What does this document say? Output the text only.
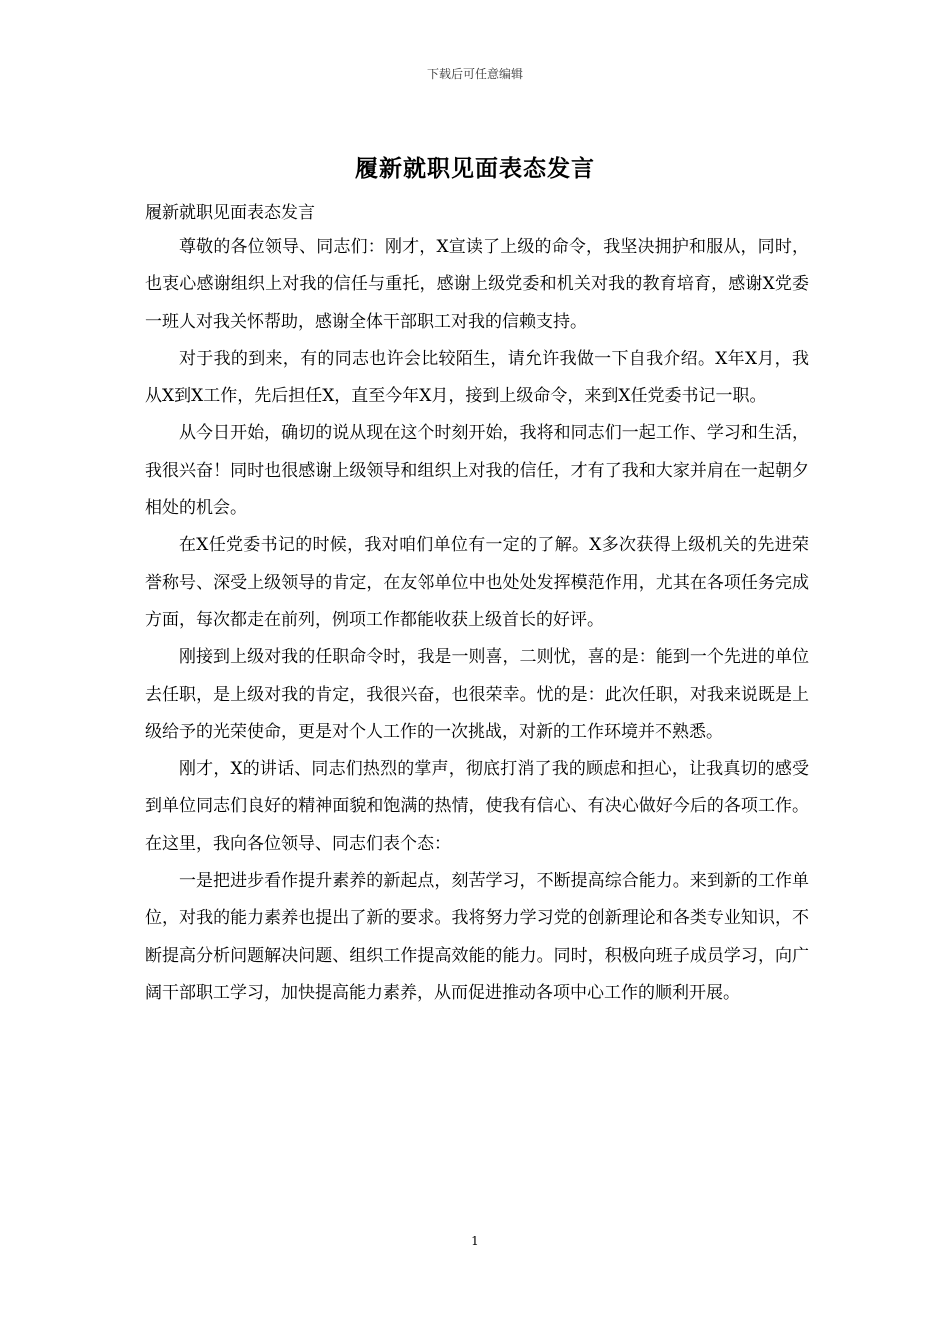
下载后可任意编辑
履新就职见面表态发言

履新就职见面表态发言

尊敬的各位领导、同志们：刚才，X宣读了上级的命令，我坚决拥护和服从，同时，也衷心感谢组织上对我的信任与重托，感谢上级党委和机关对我的教育培育，感谢X党委一班人对我关怀帮助，感谢全体干部职工对我的信赖支持。

对于我的到来，有的同志也许会比较陌生，请允许我做一下自我介绍。X年X月，我从X到X工作，先后担任X，直至今年X月，接到上级命令，来到X任党委书记一职。

从今日开始，确切的说从现在这个时刻开始，我将和同志们一起工作、学习和生活，我很兴奋！同时也很感谢上级领导和组织上对我的信任，才有了我和大家并肩在一起朝夕相处的机会。

在X任党委书记的时候，我对咱们单位有一定的了解。X多次获得上级机关的先进荣誉称号、深受上级领导的肯定，在友邻单位中也处处发挥模范作用，尤其在各项任务完成方面，每次都走在前列，例项工作都能收获上级首长的好评。

刚接到上级对我的任职命令时，我是一则喜，二则忧，喜的是：能到一个先进的单位去任职，是上级对我的肯定，我很兴奋，也很荣幸。忧的是：此次任职，对我来说既是上级给予的光荣使命，更是对个人工作的一次挑战，对新的工作环境并不熟悉。

刚才，X的讲话、同志们热烈的掌声，彻底打消了我的顾虑和担心，让我真切的感受到单位同志们良好的精神面貌和饱满的热情，使我有信心、有决心做好今后的各项工作。在这里，我向各位领导、同志们表个态：

一是把进步看作提升素养的新起点，刻苦学习，不断提高综合能力。来到新的工作单位，对我的能力素养也提出了新的要求。我将努力学习党的创新理论和各类专业知识，不断提高分析问题解决问题、组织工作提高效能的能力。同时，积极向班子成员学习，向广阔干部职工学习，加快提高能力素养，从而促进推动各项中心工作的顺利开展。

1
